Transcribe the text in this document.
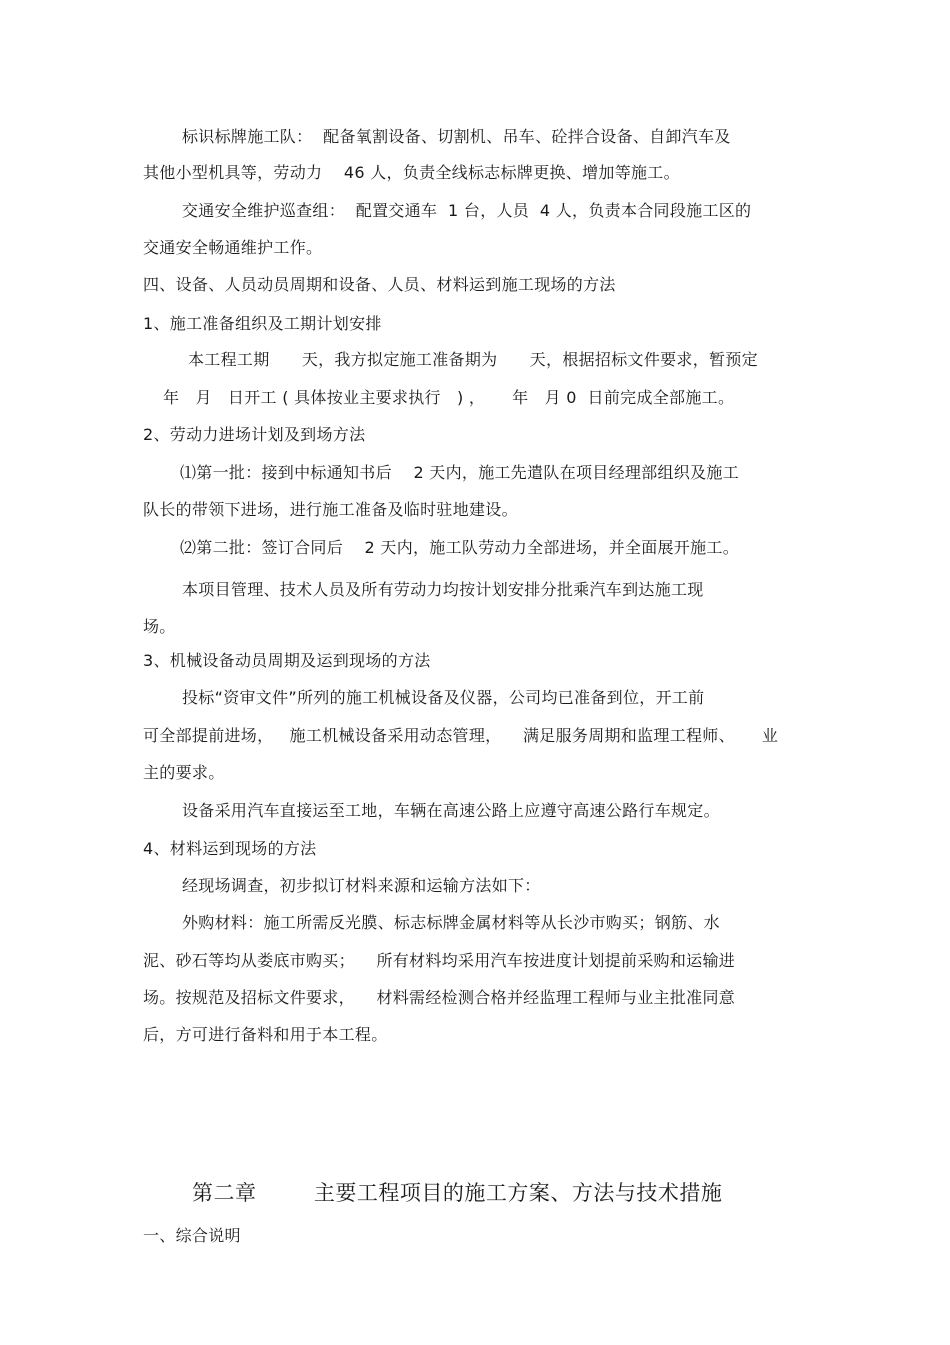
标识标牌施工队：  配备氧割设备、切割机、吊车、砼拌合设备、自卸汽车及
其他小型机具等，劳动力    46 人，负责全线标志标牌更换、增加等施工。
交通安全维护巡查组：  配置交通车  1 台，人员  4 人，负责本合同段施工区的
交通安全畅通维护工作。
四、设备、人员动员周期和设备、人员、材料运到施工现场的方法
1、施工准备组织及工期计划安排
本工程工期      天，我方拟定施工准备期为      天，根据招标文件要求，暂预定
年   月   日开工 ( 具体按业主要求执行   ) ，     年   月 0  日前完成全部施工。
2、劳动力进场计划及到场方法
⑴第一批：接到中标通知书后    2 天内，施工先遣队在项目经理部组织及施工
队长的带领下进场，进行施工准备及临时驻地建设。
⑵第二批：签订合同后    2 天内，施工队劳动力全部进场，并全面展开施工。
本项目管理、技术人员及所有劳动力均按计划安排分批乘汽车到达施工现
场。
3、机械设备动员周期及运到现场的方法
投标“资审文件”所列的施工机械设备及仪器，公司均已准备到位，开工前
可全部提前进场，   施工机械设备采用动态管理，    满足服务周期和监理工程师、     业
主的要求。
设备采用汽车直接运至工地，车辆在高速公路上应遵守高速公路行车规定。
4、材料运到现场的方法
经现场调查，初步拟订材料来源和运输方法如下：
外购材料：施工所需反光膜、标志标牌金属材料等从长沙市购买；钢筋、水
泥、砂石等均从娄底市购买；    所有材料均采用汽车按进度计划提前采购和运输进
场。按规范及招标文件要求，    材料需经检测合格并经监理工程师与业主批准同意
后，方可进行备料和用于本工程。
第二章        主要工程项目的施工方案、方法与技术措施
一、综合说明
